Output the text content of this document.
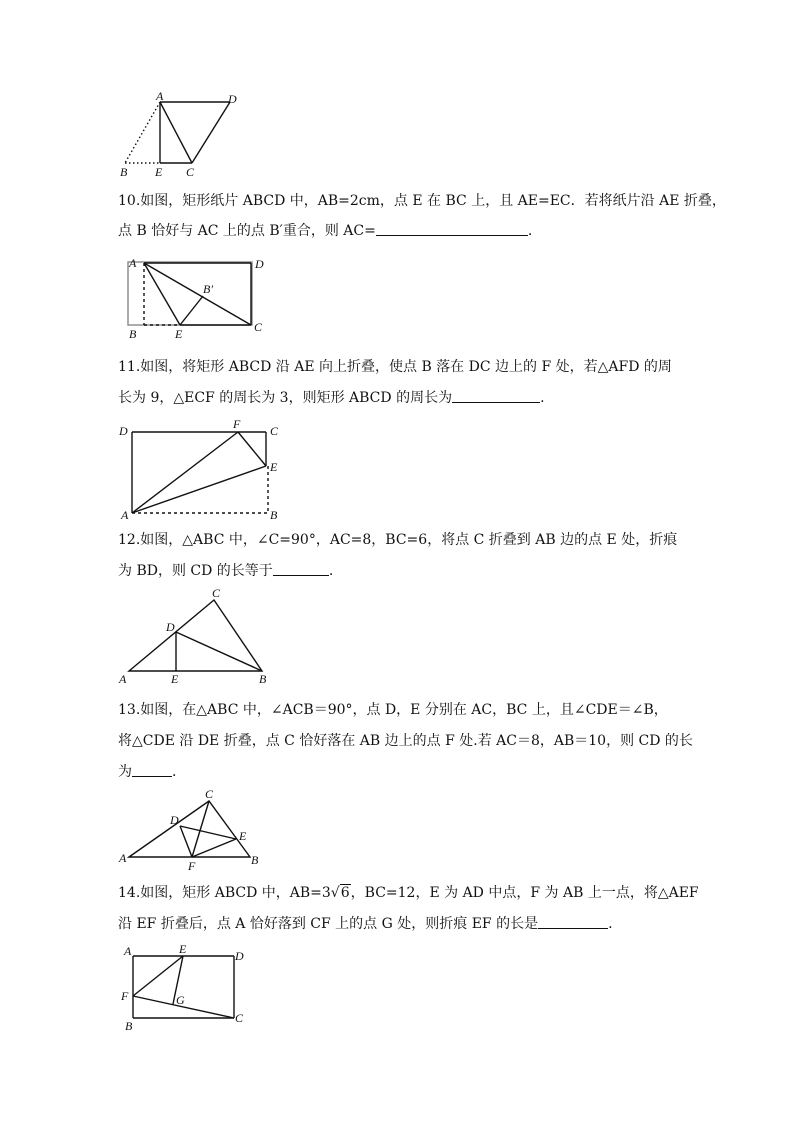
A	D
B E C
10.如图，矩形纸片 ABCD 中，AB=2cm，点 E 在 BC 上，且 AE=EC．若将纸片沿 AE 折叠，
点 B 恰好与 AC 上的点 B′重合，则 AC=	.
A	D
B′
B	E	C
11.如图，将矩形 ABCD 沿 AE 向上折叠，使点 B 落在 DC 边上的 F 处，若△AFD 的周
长为 9，△ECF 的周长为 3，则矩形 ABCD 的周长为	.
D	F C
E
A	B
12.如图，△ABC 中，∠C=90°，AC=8，BC=6，将点 C 折叠到 AB 边的点 E 处，折痕
为 BD，则 CD 的长等于	.
C
D
A	E	B
13.如图，在△ABC 中，∠ACB＝90°，点 D，E 分别在 AC，BC 上，且∠CDE＝∠B，
将△CDE 沿 DE 折叠，点 C 恰好落在 AB 边上的点 F 处.若 AC＝8，AB＝10，则 CD 的长
为	.
C
D
E
A
F	B
14.如图，矩形 ABCD 中，AB=3√6，BC=12，E 为 AD 中点，F 为 AB 上一点，将△AEF
沿 EF 折叠后，点 A 恰好落到 CF 上的点 G 处，则折痕 EF 的长是	.
A	E	D
F	G
B
C
